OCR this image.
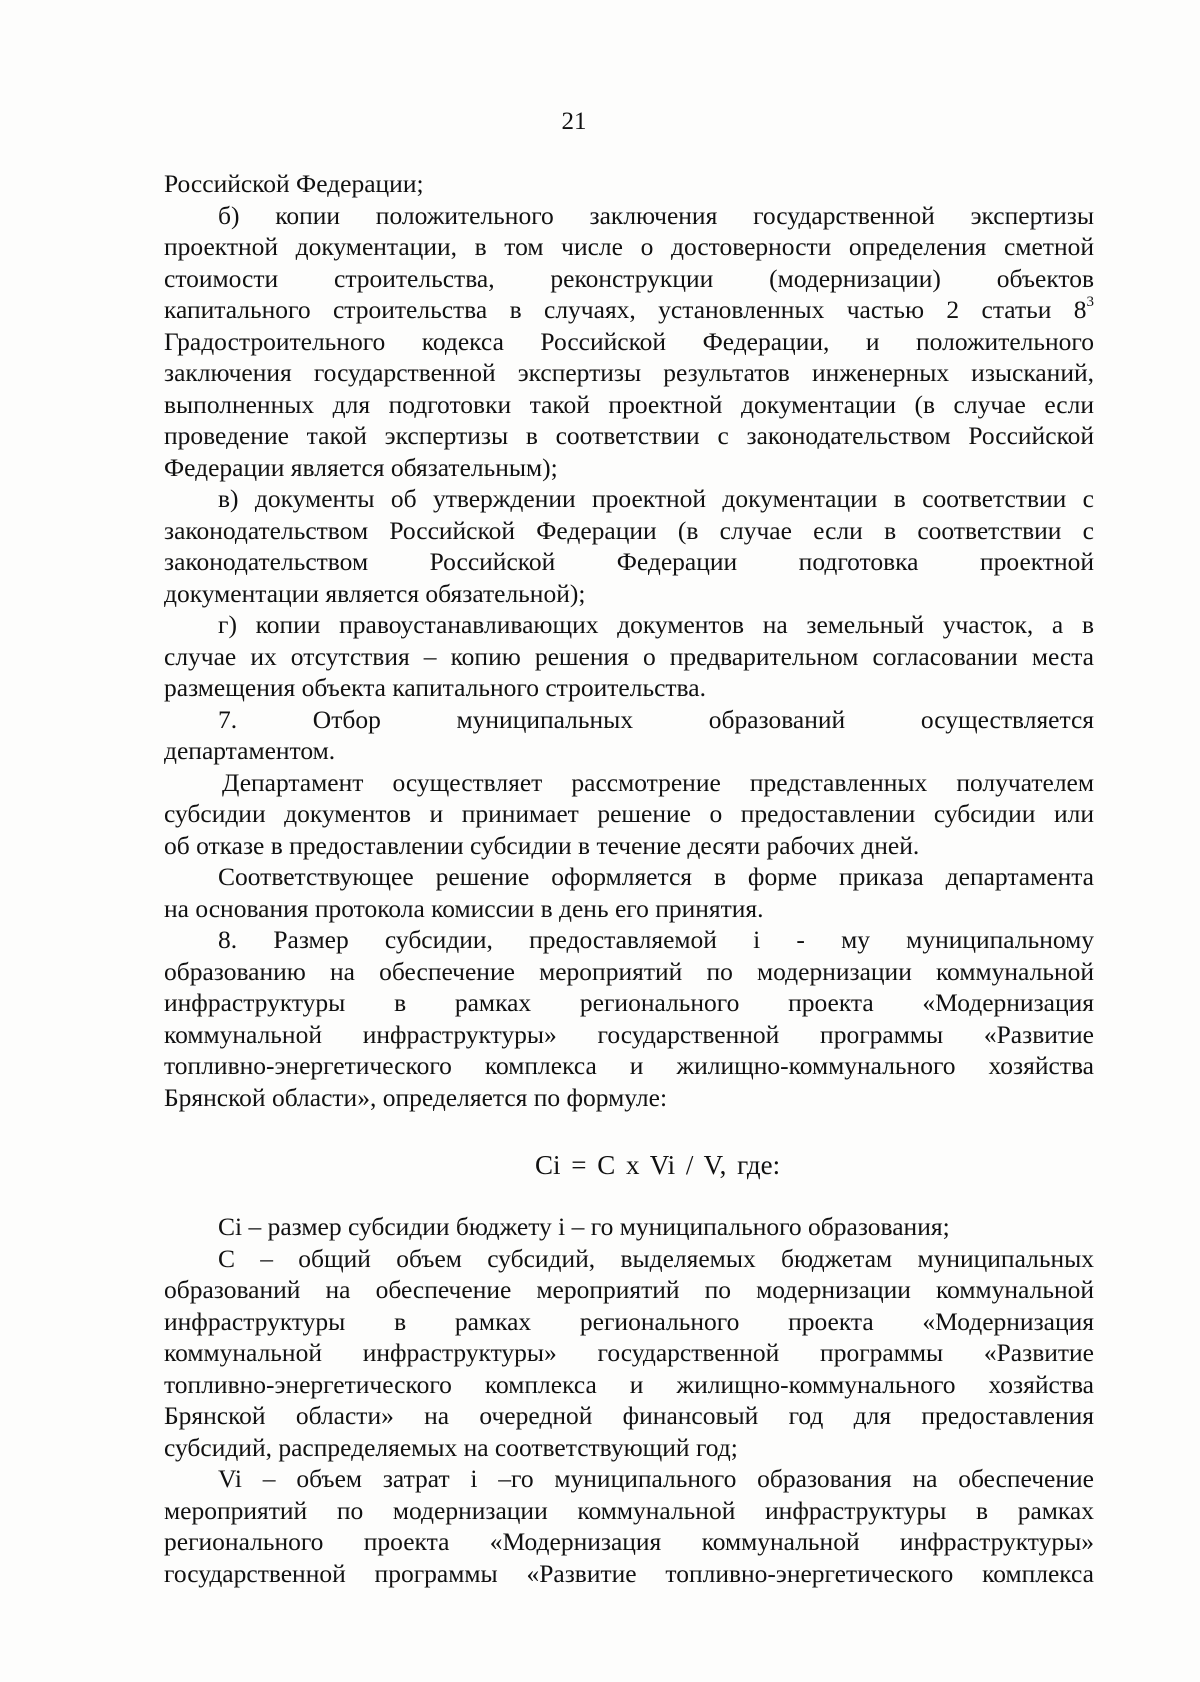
21
Российской Федерации;
б) копии положительного заключения государственной экспертизы
проектной документации, в том числе о достоверности определения сметной
стоимости строительства, реконструкции (модернизации) объектов
капитального строительства в случаях, установленных частью 2 статьи $8^3$
Градостроительного кодекса Российской Федерации, и положительного
заключения государственной экспертизы результатов инженерных изысканий,
выполненных для подготовки такой проектной документации (в случае если
проведение такой экспертизы в соответствии с законодательством Российской
Федерации является обязательным);
в) документы об утверждении проектной документации в соответствии с
законодательством Российской Федерации (в случае если в соответствии с
законодательством Российской Федерации подготовка проектной
документации является обязательной);
г) копии правоустанавливающих документов на земельный участок, а в
случае их отсутствия – копию решения о предварительном согласовании места
размещения объекта капитального строительства.
7. Отбор муниципальных образований осуществляется
департаментом.
Департамент осуществляет рассмотрение представленных получателем
субсидии документов и принимает решение о предоставлении субсидии или
об отказе в предоставлении субсидии в течение десяти рабочих дней.
Соответствующее решение оформляется в форме приказа департамента
на основания протокола комиссии в день его принятия.
8. Размер субсидии, предоставляемой i - му муниципальному
образованию на обеспечение мероприятий по модернизации коммунальной
инфраструктуры в рамках регионального проекта «Модернизация
коммунальной инфраструктуры» государственной программы «Развитие
топливно-энергетического комплекса и жилищно-коммунального хозяйства
Брянской области», определяется по формуле:
Ci = C x Vi / V, где:
Ci – размер субсидии бюджету i – го муниципального образования;
С – общий объем субсидий, выделяемых бюджетам муниципальных
образований на обеспечение мероприятий по модернизации коммунальной
инфраструктуры в рамках регионального проекта «Модернизация
коммунальной инфраструктуры» государственной программы «Развитие
топливно-энергетического комплекса и жилищно-коммунального хозяйства
Брянской области» на очередной финансовый год для предоставления
субсидий, распределяемых на соответствующий год;
Vi – объем затрат i –го муниципального образования на обеспечение
мероприятий по модернизации коммунальной инфраструктуры в рамках
регионального проекта «Модернизация коммунальной инфраструктуры»
государственной программы «Развитие топливно-энергетического комплекса
